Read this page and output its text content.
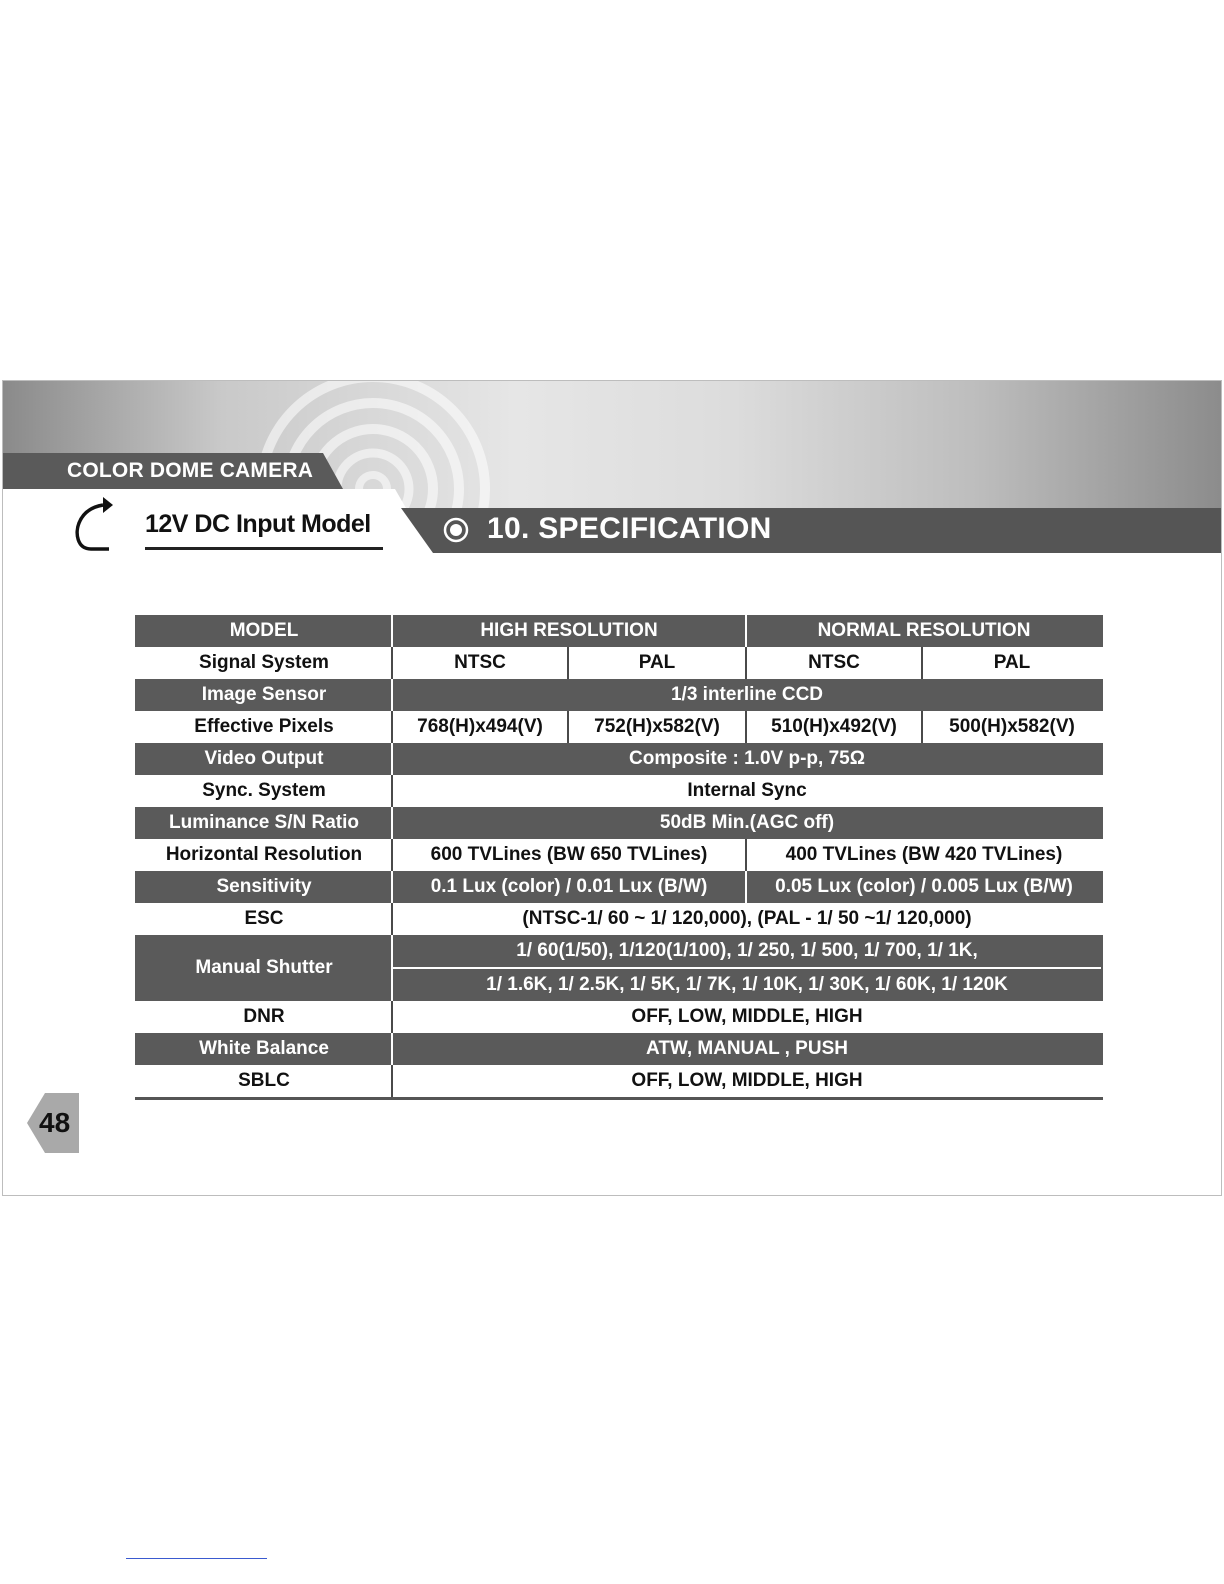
COLOR DOME CAMERA
12V DC Input Model	10. SPECIFICATION
MODEL	HIGH RESOLUTION		NORMAL RESOLUTION	
Signal System	NTSC	PAL	NTSC	PAL
Image Sensor	1/3 interline CCD			
Effective Pixels	768(H)x494(V)	752(H)x582(V)	510(H)x492(V)	500(H)x582(V)
Video Output	Composite : 1.0V p-p, 75Ω			
Sync. System	Internal Sync			
Luminance S/N Ratio	50dB Min.(AGC off)			
Horizontal Resolution	600 TVLines (BW 650 TVLines)		400 TVLines (BW 420 TVLines)	
Sensitivity	0.1 Lux (color) / 0.01 Lux (B/W)		0.05 Lux (color) / 0.005 Lux (B/W)	
ESC	(NTSC-1/ 60 ~ 1/ 120,000), (PAL - 1/ 50 ~1/ 120,000)			
Manual Shutter	1/ 60(1/50), 1/120(1/100), 1/ 250, 1/ 500, 1/ 700, 1/ 1K,			
	1/ 1.6K, 1/ 2.5K, 1/ 5K, 1/ 7K, 1/ 10K, 1/ 30K, 1/ 60K, 1/ 120K			
DNR	OFF, LOW, MIDDLE, HIGH			
White Balance	ATW, MANUAL , PUSH			
SBLC	OFF, LOW, MIDDLE, HIGH			
48
